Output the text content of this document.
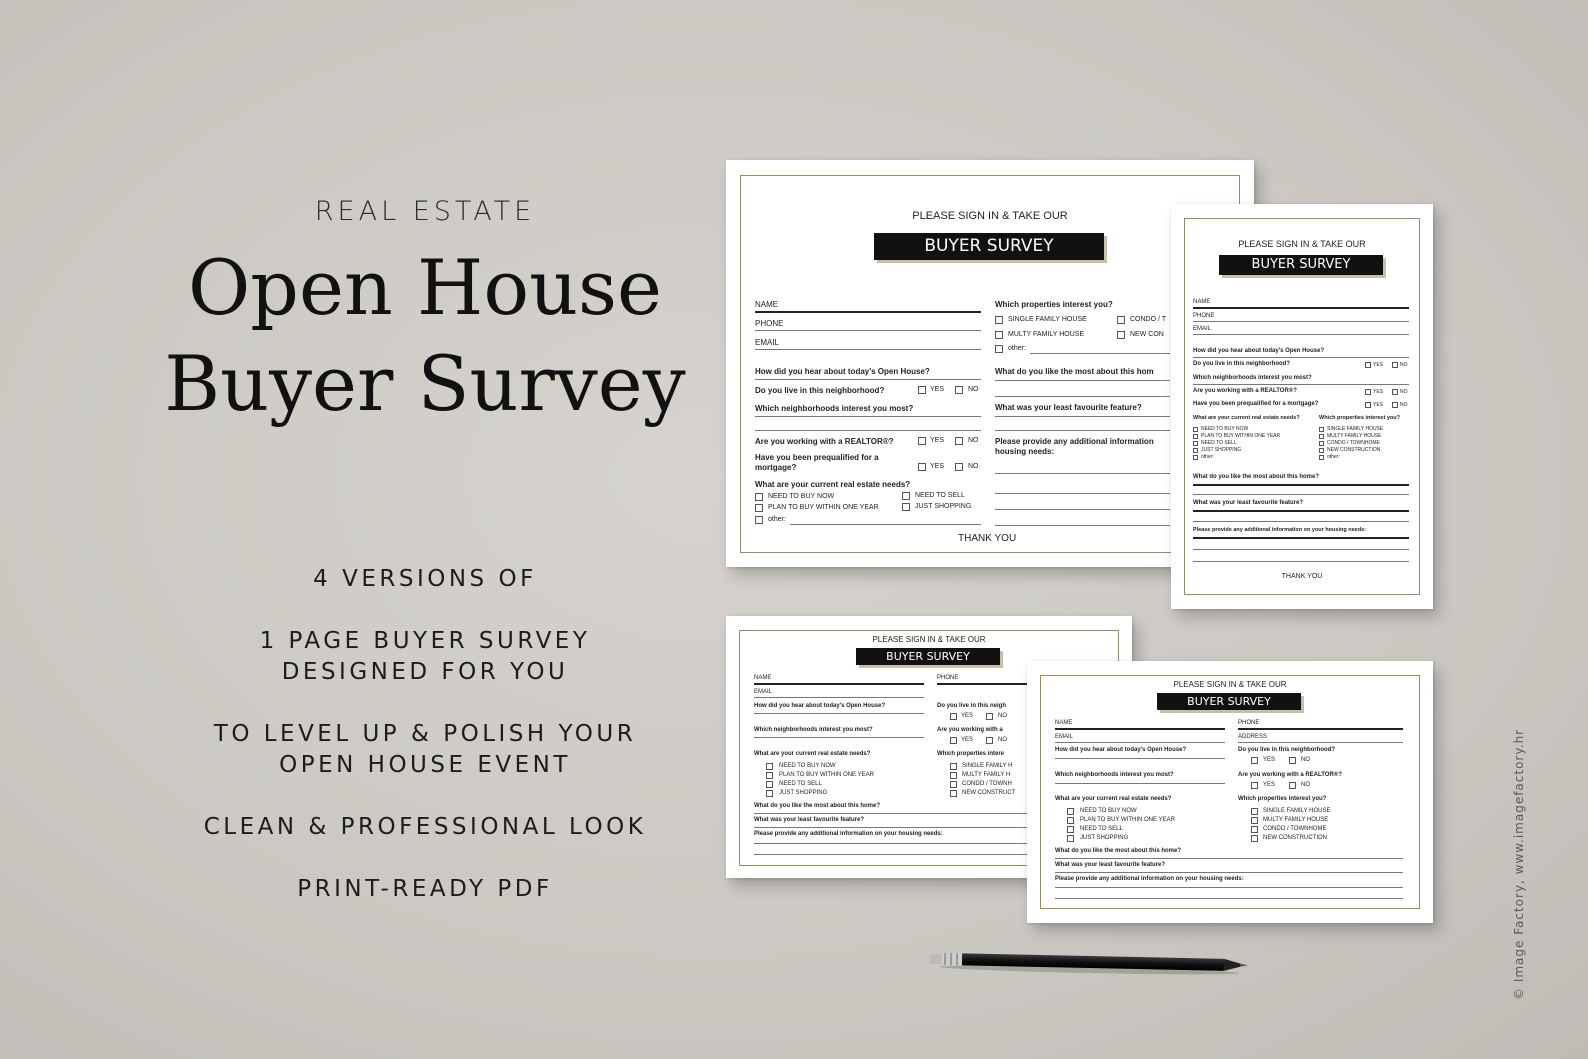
REAL ESTATE
Open House
Buyer Survey
4 VERSIONS OF
1 PAGE BUYER SURVEY
DESIGNED FOR YOU
TO LEVEL UP & POLISH YOUR
OPEN HOUSE EVENT
CLEAN & PROFESSIONAL LOOK
PRINT-READY PDF
PLEASE SIGN IN & TAKE OUR
BUYER SURVEY
NAME
PHONE
EMAIL
How did you hear about today's Open House?
Do you live in this neighborhood?	YES	NO
Which neighborhoods interest you most?
Are you working with a REALTOR®?	YES	NO
Have you been prequalified for a
mortgage?	YES	NO
What are your current real estate needs?
NEED TO BUY NOW	NEED TO SELL
PLAN TO BUY WITHIN ONE YEAR	JUST SHOPPING
other:
Which properties interest you?
SINGLE FAMILY HOUSE	CONDO / T
MULTY FAMILY HOUSE	NEW CON
other:
What do you like the most about this hom
What was your least favourite feature?
Please provide any additional information
housing needs:
THANK YOU
PLEASE SIGN IN & TAKE OUR
BUYER SURVEY
NAME
PHONE
EMAIL
How did you hear about today's Open House?
Do you live in this neighborhood?	YES	NO
Which neighborhoods interest you most?
Are you working with a REALTOR®?	YES	NO
Have you been prequalified for a mortgage?	YES	NO
What are your current real estate needs?	Which properties interest you?
NEED TO BUY NOW
PLAN TO BUY WITHIN ONE YEAR
NEED TO SELL
JUST SHOPPING
other:
SINGLE FAMILY HOUSE
MULTY FAMILY HOUSE
CONDO / TOWNHOME
NEW CONSTRUCTION
other:
What do you like the most about this home?
What was your least favourite feature?
Please provide any additional information on your housing needs:
THANK YOU
PLEASE SIGN IN & TAKE OUR
BUYER SURVEY
NAME
EMAIL
PHONE
How did you hear about today's Open House?	Do you live in this neigh
YES	NO
Which neighborhoods interest you most?	Are you working with a
YES	NO
What are your current real estate needs?
NEED TO BUY NOW
PLAN TO BUY WITHIN ONE YEAR
NEED TO SELL
JUST SHOPPING
Which properties intere
SINGLE FAMILY H
MULTY FAMILY H
CONDO / TOWNH
NEW CONSTRUCT
What do you like the most about this home?
What was your least favourite feature?
Please provide any additional information on your housing needs:
PLEASE SIGN IN & TAKE OUR
BUYER SURVEY
NAME
EMAIL
PHONE
ADDRESS
How did you hear about today's Open House?	Do you live in this neighborhood?
YES	NO
Which neighborhoods interest you most?	Are you working with a REALTOR®?
YES	NO
What are your current real estate needs?
NEED TO BUY NOW
PLAN TO BUY WITHIN ONE YEAR
NEED TO SELL
JUST SHOPPING
Which properties interest you?
SINGLE FAMILY HOUSE
MULTY FAMILY HOUSE
CONDO / TOWNHOME
NEW CONSTRUCTION
What do you like the most about this home?
What was your least favourite feature?
Please provide any additional information on your housing needs:	© Image Factory, www.imagefactory.hr
